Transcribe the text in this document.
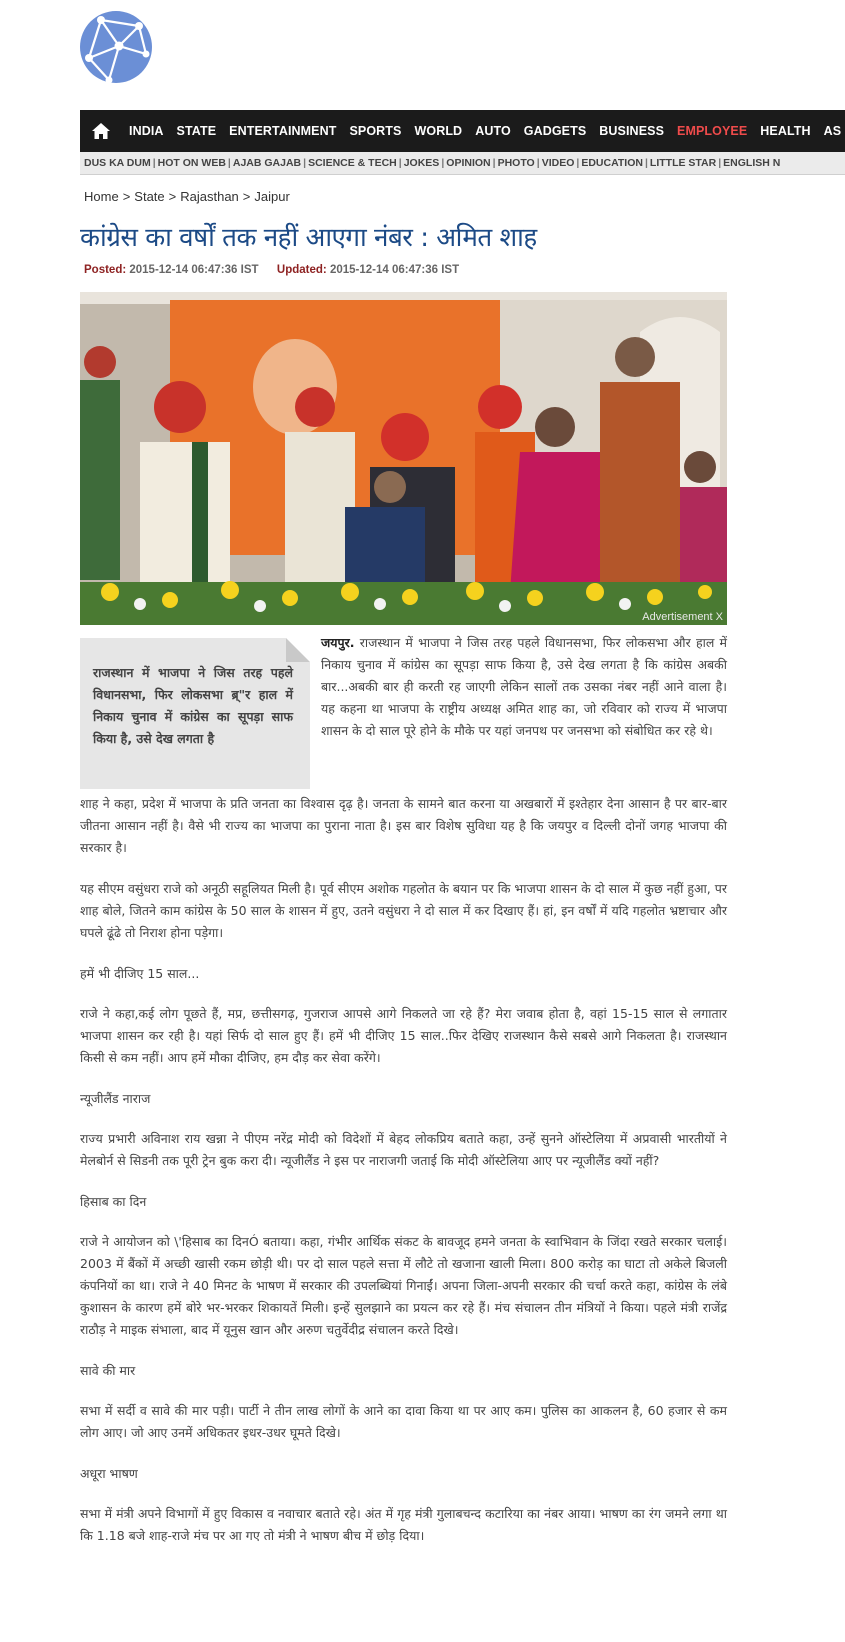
INDIA STATE ENTERTAINMENT SPORTS WORLD AUTO GADGETS BUSINESS EMPLOYEE HEALTH AS
DUS KA DUM | HOT ON WEB | AJAB GAJAB | SCIENCE & TECH | JOKES | OPINION | PHOTO | VIDEO | EDUCATION | LITTLE STAR | ENGLISH N
Home > State > Rajasthan > Jaipur
कांग्रेस का वर्षों तक नहीं आएगा नंबर : अमित शाह
Posted: 2015-12-14 06:47:36 IST Updated: 2015-12-14 06:47:36 IST
Advertisement X

राजस्थान में भाजपा ने जिस तरह पहले विधानसभा, फिर लोकसभा ब्र्"र हाल में निकाय चुनाव में कांग्रेस का सूपड़ा साफ किया है, उसे देख लगता है

जयपुर. राजस्थान में भाजपा ने जिस तरह पहले विधानसभा, फिर लोकसभा और हाल में निकाय चुनाव में कांग्रेस का सूपड़ा साफ किया है, उसे देख लगता है कि कांग्रेस अबकी बार...अबकी बार ही करती रह जाएगी लेकिन सालों तक उसका नंबर नहीं आने वाला है। यह कहना था भाजपा के राष्ट्रीय अध्यक्ष अमित शाह का, जो रविवार को राज्य में भाजपा शासन के दो साल पूरे होने के मौके पर यहां जनपथ पर जनसभा को संबोधित कर रहे थे।

शाह ने कहा, प्रदेश में भाजपा के प्रति जनता का विश्वास दृढ़ है। जनता के सामने बात करना या अखबारों में इश्तेहार देना आसान है पर बार-बार जीतना आसान नहीं है। वैसे भी राज्य का भाजपा का पुराना नाता है। इस बार विशेष सुविधा यह है कि जयपुर व दिल्ली दोनों जगह भाजपा की सरकार है।

यह सीएम वसुंधरा राजे को अनूठी सहूलियत मिली है। पूर्व सीएम अशोक गहलोत के बयान पर कि भाजपा शासन के दो साल में कुछ नहीं हुआ, पर शाह बोले, जितने काम कांग्रेस के 50 साल के शासन में हुए, उतने वसुंधरा ने दो साल में कर दिखाए हैं। हां, इन वर्षों में यदि गहलोत भ्रष्टाचार और घपले ढूंढे तो निराश होना पड़ेगा।

हमें भी दीजिए 15 साल...

राजे ने कहा,कई लोग पूछते हैं, मप्र, छत्तीसगढ़, गुजराज आपसे आगे निकलते जा रहे हैं? मेरा जवाब होता है, वहां 15-15 साल से लगातार भाजपा शासन कर रही है। यहां सिर्फ दो साल हुए हैं। हमें भी दीजिए 15 साल..फिर देखिए राजस्थान कैसे सबसे आगे निकलता है। राजस्थान किसी से कम नहीं। आप हमें मौका दीजिए, हम दौड़ कर सेवा करेंगे।

न्यूजीलैंड नाराज

राज्य प्रभारी अविनाश राय खन्ना ने पीएम नरेंद्र मोदी को विदेशों में बेहद लोकप्रिय बताते कहा, उन्हें सुनने ऑस्टेलिया में अप्रवासी भारतीयों ने मेलबोर्न से सिडनी तक पूरी ट्रेन बुक करा दी। न्यूजीलैंड ने इस पर नाराजगी जताई कि मोदी ऑस्टेलिया आए पर न्यूजीलैंड क्यों नहीं?

हिसाब का दिन

राजे ने आयोजन को \'हिसाब का दिनÓ बताया। कहा, गंभीर आर्थिक संकट के बावजूद हमने जनता के स्वाभिवान के जिंदा रखते सरकार चलाई। 2003 में बैंकों में अच्छी खासी रकम छोड़ी थी। पर दो साल पहले सत्ता में लौटे तो खजाना खाली मिला। 800 करोड़ का घाटा तो अकेले बिजली कंपनियों का था। राजे ने 40 मिनट के भाषण में सरकार की उपलब्धियां गिनाईं। अपना जिला-अपनी सरकार की चर्चा करते कहा, कांग्रेस के लंबे कुशासन के कारण हमें बोरे भर-भरकर शिकायतें मिली। इन्हें सुलझाने का प्रयत्न कर रहे हैं। मंच संचालन तीन मंत्रियों ने किया। पहले मंत्री राजेंद्र राठौड़ ने माइक संभाला, बाद में यूनुस खान और अरुण चतुर्वेदीद्र संचालन करते दिखे।

सावे की मार

सभा में सर्दी व सावे की मार पड़ी। पार्टी ने तीन लाख लोगों के आने का दावा किया था पर आए कम। पुलिस का आकलन है, 60 हजार से कम लोग आए। जो आए उनमें अधिकतर इधर-उधर घूमते दिखे।

अधूरा भाषण

सभा में मंत्री अपने विभागों में हुए विकास व नवाचार बताते रहे। अंत में गृह मंत्री गुलाबचन्द कटारिया का नंबर आया। भाषण का रंग जमने लगा था कि 1.18 बजे शाह-राजे मंच पर आ गए तो मंत्री ने भाषण बीच में छोड़ दिया।
